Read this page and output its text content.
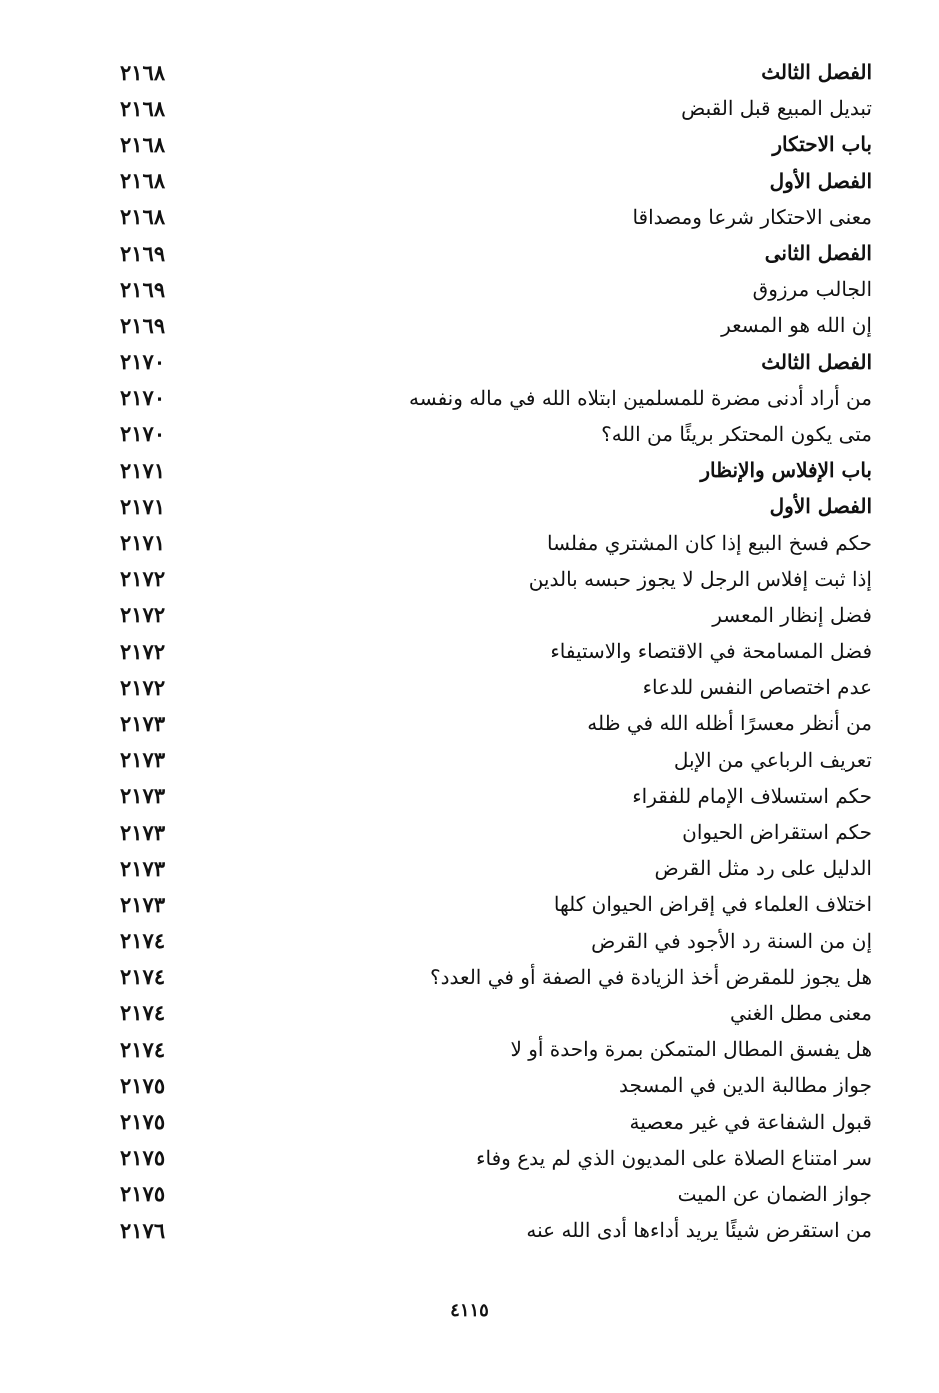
٢١٦٨	الفصل الثالث
٢١٦٨	تبديل المبيع قبل القبض
٢١٦٨	باب الاحتكار
٢١٦٨	الفصل الأول
٢١٦٨	معنى الاحتكار شرعا ومصداقا
٢١٦٩	الفصل الثانى
٢١٦٩	الجالب مرزوق
٢١٦٩	إن الله هو المسعر
٢١٧٠	الفصل الثالث
٢١٧٠	من أراد أدنى مضرة للمسلمين ابتلاه الله في ماله ونفسه
٢١٧٠	متى يكون المحتكر بريئًا من الله؟
٢١٧١	باب الإفلاس والإنظار
٢١٧١	الفصل الأول
٢١٧١	حكم فسخ البيع إذا كان المشتري مفلسا
٢١٧٢	إذا ثبت إفلاس الرجل لا يجوز حبسه بالدين
٢١٧٢	فضل إنظار المعسر
٢١٧٢	فضل المسامحة في الاقتصاء والاستيفاء
٢١٧٢	عدم اختصاص النفس للدعاء
٢١٧٣	من أنظر معسرًا أظله الله في ظله
٢١٧٣	تعريف الرباعي من الإبل
٢١٧٣	حكم استسلاف الإمام للفقراء
٢١٧٣	حكم استقراض الحيوان
٢١٧٣	الدليل على رد مثل القرض
٢١٧٣	اختلاف العلماء في إقراض الحيوان كلها
٢١٧٤	إن من السنة رد الأجود في القرض
٢١٧٤	هل يجوز للمقرض أخذ الزيادة في الصفة أو في العدد؟
٢١٧٤	معنى مطل الغني
٢١٧٤	هل يفسق المطال المتمكن بمرة واحدة أو لا
٢١٧٥	جواز مطالبة الدين في المسجد
٢١٧٥	قبول الشفاعة في غير معصية
٢١٧٥	سر امتناع الصلاة على المديون الذي لم يدع وفاء
٢١٧٥	جواز الضمان عن الميت
٢١٧٦	من استقرض شيئًا يريد أداءها أدى الله عنه
٤١١٥
